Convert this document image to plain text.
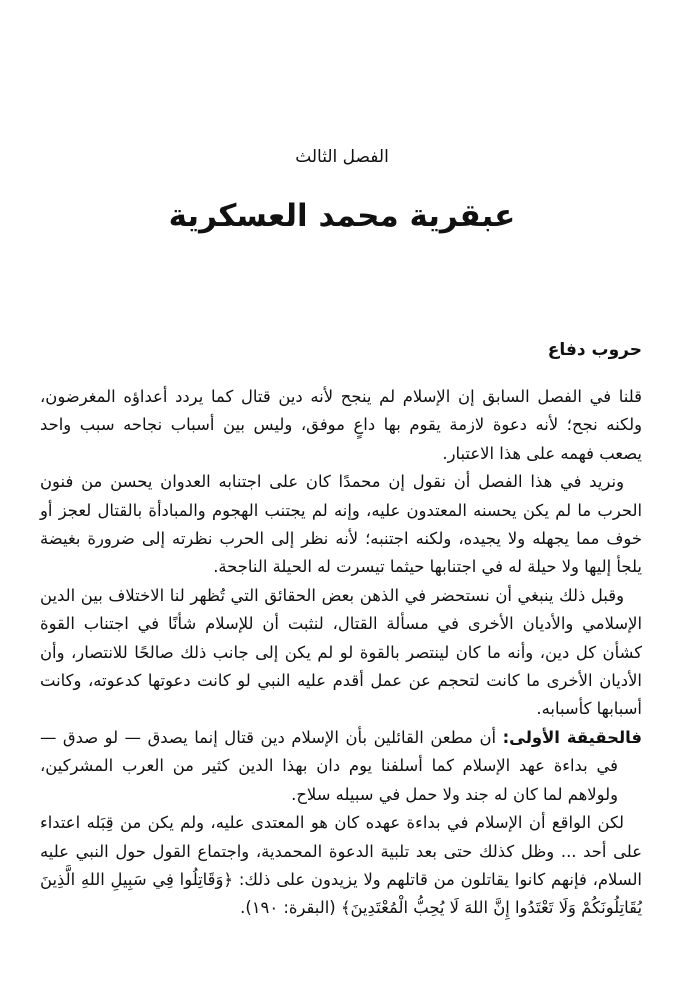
الفصل الثالث
عبقرية محمد العسكرية
حروب دفاع

قلنا في الفصل السابق إن الإسلام لم ينجح لأنه دين قتال كما يردد أعداؤه المغرضون، ولكنه نجح؛ لأنه دعوة لازمة يقوم بها داعٍ موفق، وليس بين أسباب نجاحه سبب واحد يصعب فهمه على هذا الاعتبار.

ونريد في هذا الفصل أن نقول إن محمدًا كان على اجتنابه العدوان يحسن من فنون الحرب ما لم يكن يحسنه المعتدون عليه، وإنه لم يجتنب الهجوم والمبادأة بالقتال لعجز أو خوف مما يجهله ولا يجيده، ولكنه اجتنبه؛ لأنه نظر إلى الحرب نظرته إلى ضرورة بغيضة يلجأ إليها ولا حيلة له في اجتنابها حيثما تيسرت له الحيلة الناجحة.

وقبل ذلك ينبغي أن نستحضر في الذهن بعض الحقائق التي تُظهر لنا الاختلاف بين الدين الإسلامي والأديان الأخرى في مسألة القتال، لنثبت أن للإسلام شأنًا في اجتناب القوة كشأن كل دين، وأنه ما كان لينتصر بالقوة لو لم يكن إلى جانب ذلك صالحًا للانتصار، وأن الأديان الأخرى ما كانت لتحجم عن عمل أقدم عليه النبي لو كانت دعوتها كدعوته، وكانت أسبابها كأسبابه.

فالحقيقة الأولى: أن مطعن القائلين بأن الإسلام دين قتال إنما يصدق — لو صدق — في بداءة عهد الإسلام كما أسلفنا يوم دان بهذا الدين كثير من العرب المشركين، ولولاهم لما كان له جند ولا حمل في سبيله سلاح.

لكن الواقع أن الإسلام في بداءة عهده كان هو المعتدى عليه، ولم يكن من قِبَله اعتداء على أحد ... وظل كذلك حتى بعد تلبية الدعوة المحمدية، واجتماع القول حول النبي عليه السلام، فإنهم كانوا يقاتلون من قاتلهم ولا يزيدون على ذلك: ﴿وَقَاتِلُوا فِي سَبِيلِ اللهِ الَّذِينَ يُقَاتِلُونَكُمْ وَلَا تَعْتَدُوا إِنَّ اللهَ لَا يُحِبُّ الْمُعْتَدِينَ﴾ (البقرة: ١٩٠).
